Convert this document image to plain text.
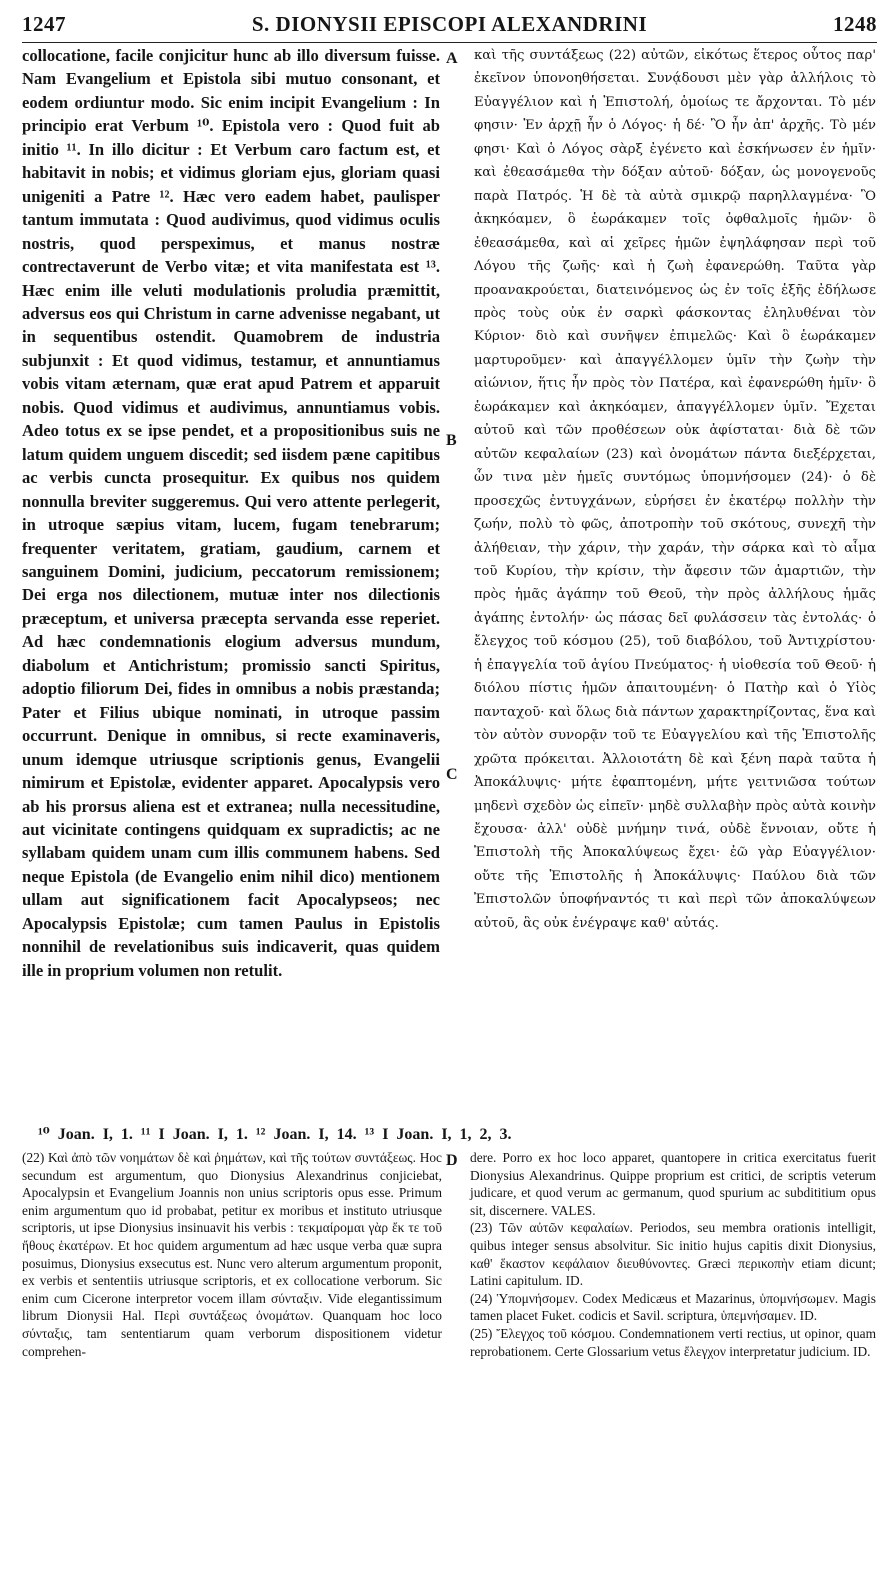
1247	S. DIONYSII EPISCOPI ALEXANDRINI	1248

collocatione, facile conjicitur hunc ab illo diversum fuisse. Nam Evangelium et Epistola sibi mutuo consonant, et eodem ordiuntur modo. Sic enim incipit Evangelium : In principio erat Verbum ¹⁰. Epistola vero : Quod fuit ab initio ¹¹. In illo dicitur : Et Verbum caro factum est, et habitavit in nobis; et vidimus gloriam ejus, gloriam quasi unigeniti a Patre ¹². Hæc vero eadem habet, paulisper tantum immutata : Quod audivimus, quod vidimus oculis nostris, quod perspeximus, et manus nostræ contrectaverunt de Verbo vitæ; et vita manifestata est ¹³. Hæc enim ille veluti modulationis proludia præmittit, adversus eos qui Christum in carne advenisse negabant, ut in sequentibus ostendit. Quamobrem de industria subjunxit : Et quod vidimus, testamur, et annuntiamus vobis vitam æternam, quæ erat apud Patrem et apparuit nobis. Quod vidimus et audivimus, annuntiamus vobis. Adeo totus ex se ipse pendet, et a propositionibus suis ne latum quidem unguem discedit; sed iisdem pæne capitibus ac verbis cuncta prosequitur. Ex quibus nos quidem nonnulla breviter suggeremus. Qui vero attente perlegerit, in utroque sæpius vitam, lucem, fugam tenebrarum; frequenter veritatem, gratiam, gaudium, carnem et sanguinem Domini, judicium, peccatorum remissionem; Dei erga nos dilectionem, mutuæ inter nos dilectionis præceptum, et universa præcepta servanda esse reperiet. Ad hæc condemnationis elogium adversus mundum, diabolum et Antichristum; promissio sancti Spiritus, adoptio filiorum Dei, fides in omnibus a nobis præstanda; Pater et Filius ubique nominati, in utroque passim occurrunt. Denique in omnibus, si recte examinaveris, unum idemque utriusque scriptionis genus, Evangelii nimirum et Epistolæ, evidenter apparet. Apocalypsis vero ab his prorsus aliena est et extranea; nulla necessitudine, aut vicinitate contingens quidquam ex supradictis; ac ne syllabam quidem unam cum illis communem habens. Sed neque Epistola (de Evangelio enim nihil dico) mentionem ullam aut significationem facit Apocalypseos; nec Apocalypsis Epistolæ; cum tamen Paulus in Epistolis nonnihil de revelationibus suis indicaverit, quas quidem ille in proprium volumen non retulit.

A
B
C
D

καὶ τῆς συντάξεως (22) αὐτῶν, εἰκότως ἕτερος οὗτος παρ' ἐκεῖνον ὑπονοηθήσεται. Συνᾴδουσι μὲν γὰρ ἀλλήλοις τὸ Εὐαγγέλιον καὶ ἡ Ἐπιστολή, ὁμοίως τε ἄρχονται. Τὸ μέν φησιν· Ἐν ἀρχῇ ἦν ὁ Λόγος· ἡ δέ· Ὃ ἦν ἀπ' ἀρχῆς. Τὸ μέν φησι· Καὶ ὁ Λόγος σὰρξ ἐγένετο καὶ ἐσκήνωσεν ἐν ἡμῖν· καὶ ἐθεασάμεθα τὴν δόξαν αὐτοῦ· δόξαν, ὡς μονογενοῦς παρὰ Πατρός. Ἡ δὲ τὰ αὐτὰ σμικρῷ παρηλλαγμένα· Ὃ ἀκηκόαμεν, ὃ ἑωράκαμεν τοῖς ὀφθαλμοῖς ἡμῶν· ὃ ἐθεασάμεθα, καὶ αἱ χεῖρες ἡμῶν ἐψηλάφησαν περὶ τοῦ Λόγου τῆς ζωῆς· καὶ ἡ ζωὴ ἐφανερώθη. Ταῦτα γὰρ προανακρούεται, διατεινόμενος ὡς ἐν τοῖς ἑξῆς ἐδήλωσε πρὸς τοὺς οὐκ ἐν σαρκὶ φάσκοντας ἐληλυθέναι τὸν Κύριον· διὸ καὶ συνῆψεν ἐπιμελῶς· Καὶ ὃ ἑωράκαμεν μαρτυροῦμεν· καὶ ἀπαγγέλλομεν ὑμῖν τὴν ζωὴν τὴν αἰώνιον, ἥτις ἦν πρὸς τὸν Πατέρα, καὶ ἐφανερώθη ἡμῖν· ὃ ἑωράκαμεν καὶ ἀκηκόαμεν, ἀπαγγέλλομεν ὑμῖν. Ἔχεται αὐτοῦ καὶ τῶν προθέσεων οὐκ ἀφίσταται· διὰ δὲ τῶν αὐτῶν κεφαλαίων (23) καὶ ὀνομάτων πάντα διεξέρχεται, ὧν τινα μὲν ἡμεῖς συντόμως ὑπομνήσομεν (24)· ὁ δὲ προσεχῶς ἐντυγχάνων, εὑρήσει ἐν ἑκατέρῳ πολλὴν τὴν ζωήν, πολὺ τὸ φῶς, ἀποτροπὴν τοῦ σκότους, συνεχῆ τὴν ἀλήθειαν, τὴν χάριν, τὴν χαράν, τὴν σάρκα καὶ τὸ αἷμα τοῦ Κυρίου, τὴν κρίσιν, τὴν ἄφεσιν τῶν ἁμαρτιῶν, τὴν πρὸς ἡμᾶς ἀγάπην τοῦ Θεοῦ, τὴν πρὸς ἀλλήλους ἡμᾶς ἀγάπης ἐντολήν· ὡς πάσας δεῖ φυλάσσειν τὰς ἐντολάς· ὁ ἔλεγχος τοῦ κόσμου (25), τοῦ διαβόλου, τοῦ Ἀντιχρίστου· ἡ ἐπαγγελία τοῦ ἁγίου Πνεύματος· ἡ υἱοθεσία τοῦ Θεοῦ· ἡ διόλου πίστις ἡμῶν ἀπαιτουμένη· ὁ Πατὴρ καὶ ὁ Υἱὸς πανταχοῦ· καὶ ὅλως διὰ πάντων χαρακτηρίζοντας, ἕνα καὶ τὸν αὐτὸν συνορᾷν τοῦ τε Εὐαγγελίου καὶ τῆς Ἐπιστολῆς χρῶτα πρόκειται. Ἀλλοιοτάτη δὲ καὶ ξένη παρὰ ταῦτα ἡ Ἀποκάλυψις· μήτε ἐφαπτομένη, μήτε γειτνιῶσα τούτων μηδενὶ σχεδὸν ὡς εἰπεῖν· μηδὲ συλλαβὴν πρὸς αὐτὰ κοινὴν ἔχουσα· ἀλλ' οὐδὲ μνήμην τινά, οὐδὲ ἔννοιαν, οὔτε ἡ Ἐπιστολὴ τῆς Ἀποκαλύψεως ἔχει· ἐῶ γὰρ Εὐαγγέλιον· οὔτε τῆς Ἐπιστολῆς ἡ Ἀποκάλυψις· Παύλου διὰ τῶν Ἐπιστολῶν ὑποφήναντός τι καὶ περὶ τῶν ἀποκαλύψεων αὐτοῦ, ἃς οὐκ ἐνέγραψε καθ' αὐτάς.

¹⁰ Joan. I, 1. ¹¹ I Joan. I, 1. ¹² Joan. I, 14. ¹³ I Joan. I, 1, 2, 3.

(22) Καὶ ἀπὸ τῶν νοημάτων δὲ καὶ ῥημάτων, καὶ τῆς τούτων συντάξεως. Hoc secundum est argumentum, quo Dionysius Alexandrinus conjiciebat, Apocalypsin et Evangelium Joannis non unius scriptoris opus esse. Primum enim argumentum quo id probabat, petitur ex moribus et instituto utriusque scriptoris, ut ipse Dionysius insinuavit his verbis : τεκμαίρομαι γὰρ ἔκ τε τοῦ ἤθους ἑκατέρων. Et hoc quidem argumentum ad hæc usque verba quæ supra posuimus, Dionysius exsecutus est. Nunc vero alterum argumentum proponit, ex verbis et sententiis utriusque scriptoris, et ex collocatione verborum. Sic enim cum Cicerone interpretor vocem illam σύνταξιν. Vide elegantissimum librum Dionysii Hal. Περὶ συντάξεως ὀνομάτων. Quanquam hoc loco σύνταξις, tam sententiarum quam verborum dispositionem videtur comprehen-

dere. Porro ex hoc loco apparet, quantopere in critica exercitatus fuerit Dionysius Alexandrinus. Quippe proprium est critici, de scriptis veterum judicare, et quod verum ac germanum, quod spurium ac subdititium opus sit, discernere. VALES.

(23) Τῶν αὐτῶν κεφαλαίων. Periodos, seu membra orationis intelligit, quibus integer sensus absolvitur. Sic initio hujus capitis dixit Dionysius, καθ' ἕκαστον κεφάλαιον διευθύνοντες. Græci περικοπὴν etiam dicunt; Latini capitulum. ID.

(24) Ὑπομνήσομεν. Codex Medicæus et Mazarinus, ὑπομνήσωμεν. Magis tamen placet Fuket. codicis et Savil. scriptura, ὑπεμνήσαμεν. ID.

(25) Ἔλεγχος τοῦ κόσμου. Condemnationem verti rectius, ut opinor, quam reprobationem. Certe Glossarium vetus ἔλεγχον interpretatur judicium. ID.
